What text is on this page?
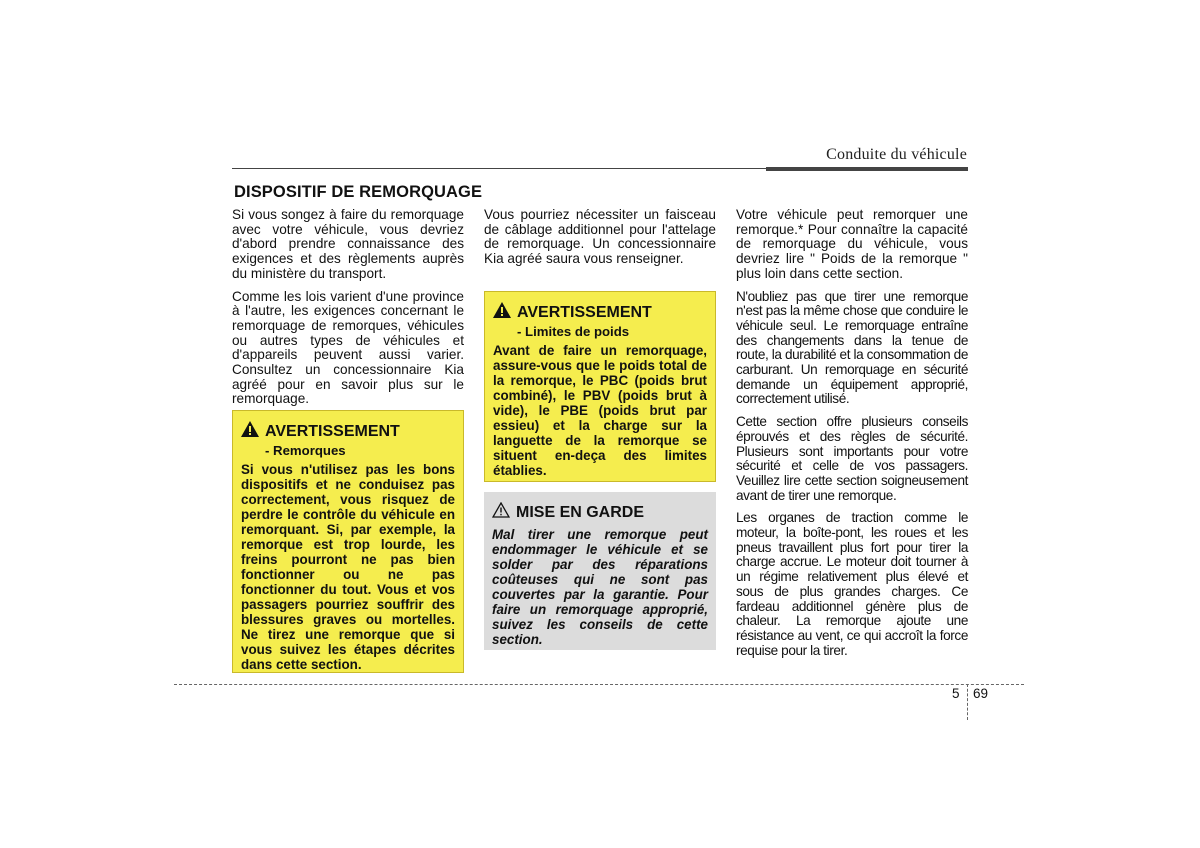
Conduite du véhicule
DISPOSITIF DE REMORQUAGE

Si vous songez à faire du remorquage avec votre véhicule, vous devriez d'abord prendre connaissance des exigences et des règlements auprès du ministère du transport.

Comme les lois varient d'une province à l'autre, les exigences concernant le remorquage de remorques, véhicules ou autres types de véhicules et d'appareils peuvent aussi varier. Consultez un concessionnaire Kia agréé pour en savoir plus sur le remorquage.

AVERTISSEMENT
- Remorques
Si vous n'utilisez pas les bons dispositifs et ne conduisez pas correctement, vous risquez de perdre le contrôle du véhicule en remorquant. Si, par exemple, la remorque est trop lourde, les freins pourront ne pas bien fonctionner ou ne pas fonctionner du tout. Vous et vos passagers pourriez souffrir des blessures graves ou mortelles. Ne tirez une remorque que si vous suivez les étapes décrites dans cette section.

Vous pourriez nécessiter un faisceau de câblage additionnel pour l'attelage de remorquage. Un concessionnaire Kia agréé saura vous renseigner.

AVERTISSEMENT
- Limites de poids
Avant de faire un remorquage, assure-vous que le poids total de la remorque, le PBC (poids brut combiné), le PBV (poids brut à vide), le PBE (poids brut par essieu) et la charge sur la languette de la remorque se situent en-deça des limites établies.
MISE EN GARDE
Mal tirer une remorque peut endommager le véhicule et se solder par des réparations coûteuses qui ne sont pas couvertes par la garantie. Pour faire un remorquage approprié, suivez les conseils de cette section.

Votre véhicule peut remorquer une remorque.* Pour connaître la capacité de remorquage du véhicule, vous devriez lire " Poids de la remorque " plus loin dans cette section.

N'oubliez pas que tirer une remorque n'est pas la même chose que conduire le véhicule seul. Le remorquage entraîne des changements dans la tenue de route, la durabilité et la consommation de carburant. Un remorquage en sécurité demande un équipement approprié, correctement utilisé.

Cette section offre plusieurs conseils éprouvés et des règles de sécurité. Plusieurs sont importants pour votre sécurité et celle de vos passagers. Veuillez lire cette section soigneusement avant de tirer une remorque.

Les organes de traction comme le moteur, la boîte-pont, les roues et les pneus travaillent plus fort pour tirer la charge accrue. Le moteur doit tourner à un régime relativement plus élevé et sous de plus grandes charges. Ce fardeau additionnel génère plus de chaleur. La remorque ajoute une résistance au vent, ce qui accroît la force requise pour la tirer.

5 69
